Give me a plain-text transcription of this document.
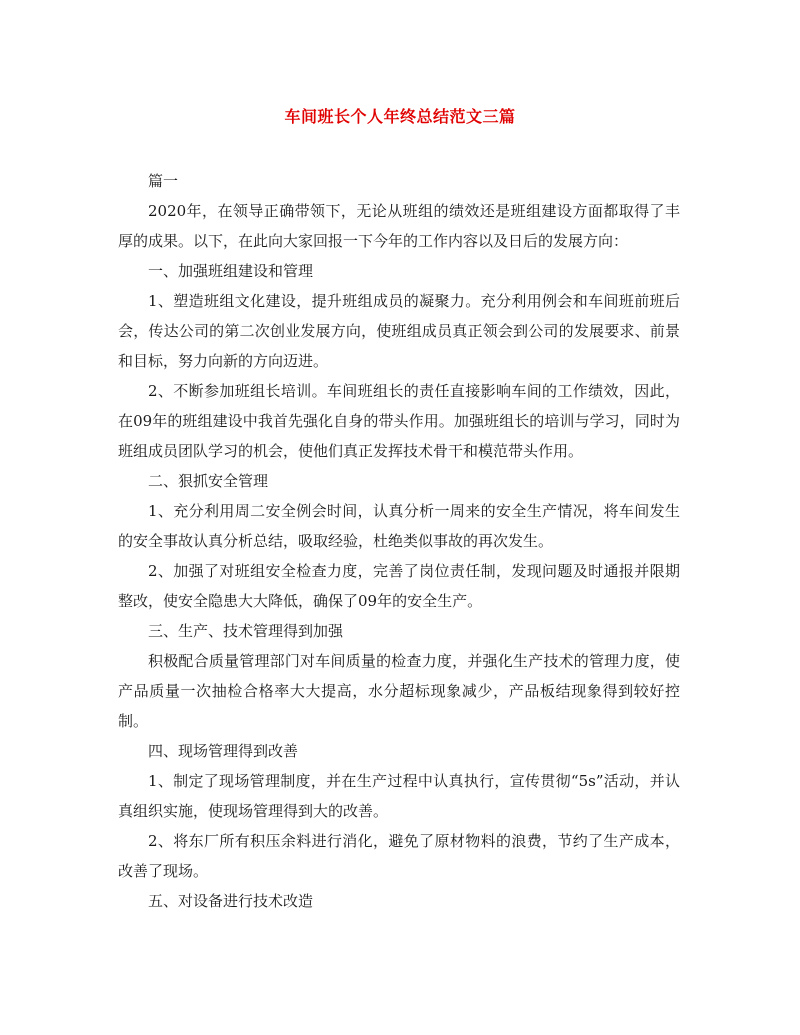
车间班长个人年终总结范文三篇

篇一

2020年，在领导正确带领下，无论从班组的绩效还是班组建设方面都取得了丰厚的成果。以下，在此向大家回报一下今年的工作内容以及日后的发展方向：

一、加强班组建设和管理

1、塑造班组文化建设，提升班组成员的凝聚力。充分利用例会和车间班前班后会，传达公司的第二次创业发展方向，使班组成员真正领会到公司的发展要求、前景和目标，努力向新的方向迈进。

2、不断参加班组长培训。车间班组长的责任直接影响车间的工作绩效，因此，在09年的班组建设中我首先强化自身的带头作用。加强班组长的培训与学习，同时为班组成员团队学习的机会，使他们真正发挥技术骨干和模范带头作用。

二、狠抓安全管理

1、充分利用周二安全例会时间，认真分析一周来的安全生产情况，将车间发生的安全事故认真分析总结，吸取经验，杜绝类似事故的再次发生。

2、加强了对班组安全检查力度，完善了岗位责任制，发现问题及时通报并限期整改，使安全隐患大大降低，确保了09年的安全生产。

三、生产、技术管理得到加强

积极配合质量管理部门对车间质量的检查力度，并强化生产技术的管理力度，使产品质量一次抽检合格率大大提高，水分超标现象减少，产品板结现象得到较好控制。

四、现场管理得到改善

1、制定了现场管理制度，并在生产过程中认真执行，宣传贯彻“5s”活动，并认真组织实施，使现场管理得到大的改善。

2、将东厂所有积压余料进行消化，避免了原材物料的浪费，节约了生产成本，改善了现场。

五、对设备进行技术改造
